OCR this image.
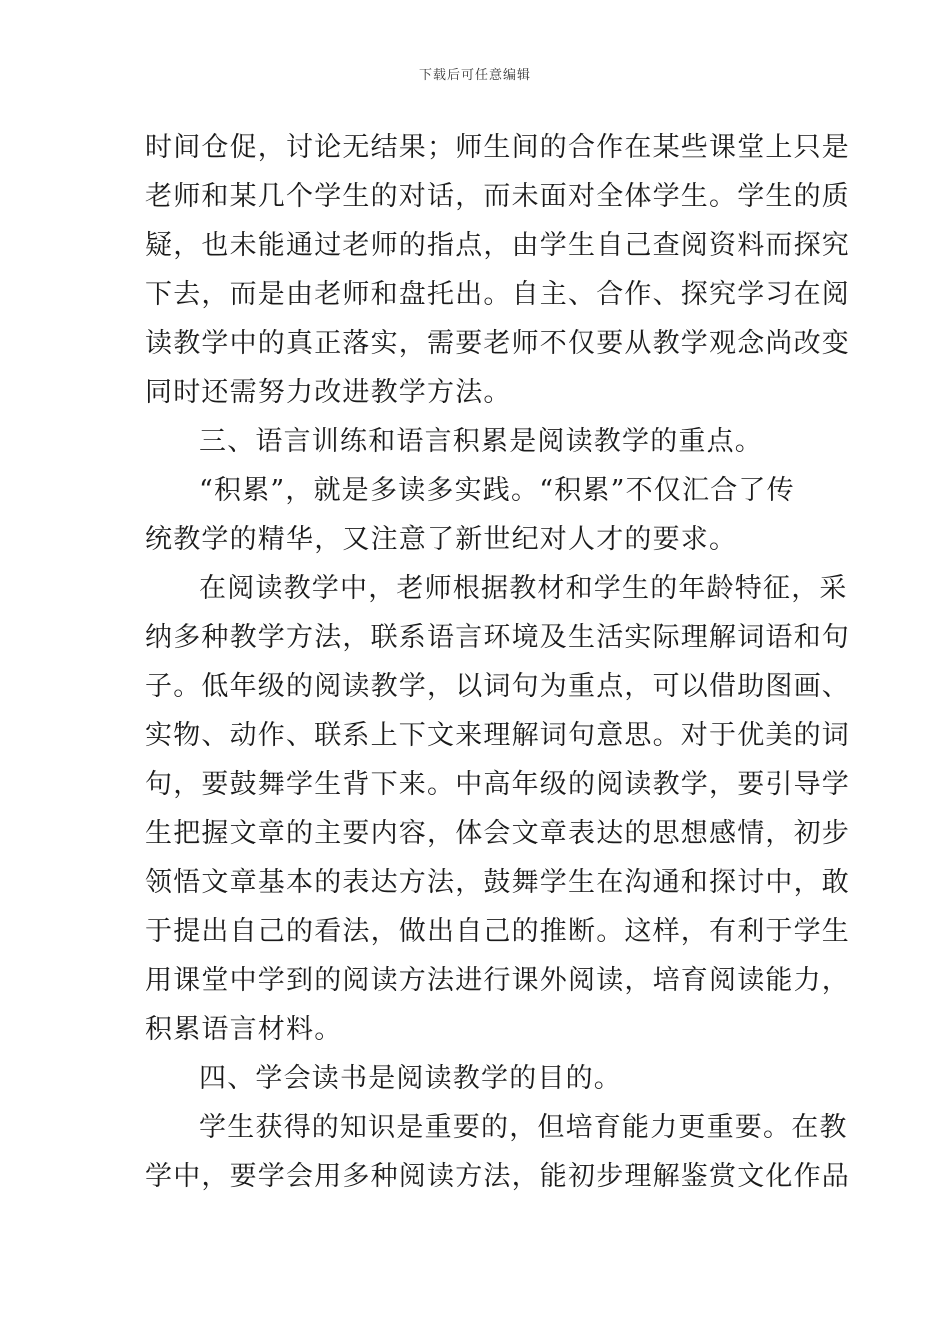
下载后可任意编辑
时间仓促，讨论无结果；师生间的合作在某些课堂上只是
老师和某几个学生的对话，而未面对全体学生。学生的质
疑，也未能通过老师的指点，由学生自己查阅资料而探究
下去，而是由老师和盘托出。自主、合作、探究学习在阅
读教学中的真正落实，需要老师不仅要从教学观念尚改变
同时还需努力改进教学方法。
三、语言训练和语言积累是阅读教学的重点。
“积累”，就是多读多实践。“积累”不仅汇合了传
统教学的精华，又注意了新世纪对人才的要求。
在阅读教学中，老师根据教材和学生的年龄特征，采
纳多种教学方法，联系语言环境及生活实际理解词语和句
子。低年级的阅读教学，以词句为重点，可以借助图画、
实物、动作、联系上下文来理解词句意思。对于优美的词
句，要鼓舞学生背下来。中高年级的阅读教学，要引导学
生把握文章的主要内容，体会文章表达的思想感情，初步
领悟文章基本的表达方法，鼓舞学生在沟通和探讨中，敢
于提出自己的看法，做出自己的推断。这样，有利于学生
用课堂中学到的阅读方法进行课外阅读，培育阅读能力，
积累语言材料。
四、学会读书是阅读教学的目的。
学生获得的知识是重要的，但培育能力更重要。在教
学中，要学会用多种阅读方法，能初步理解鉴赏文化作品
